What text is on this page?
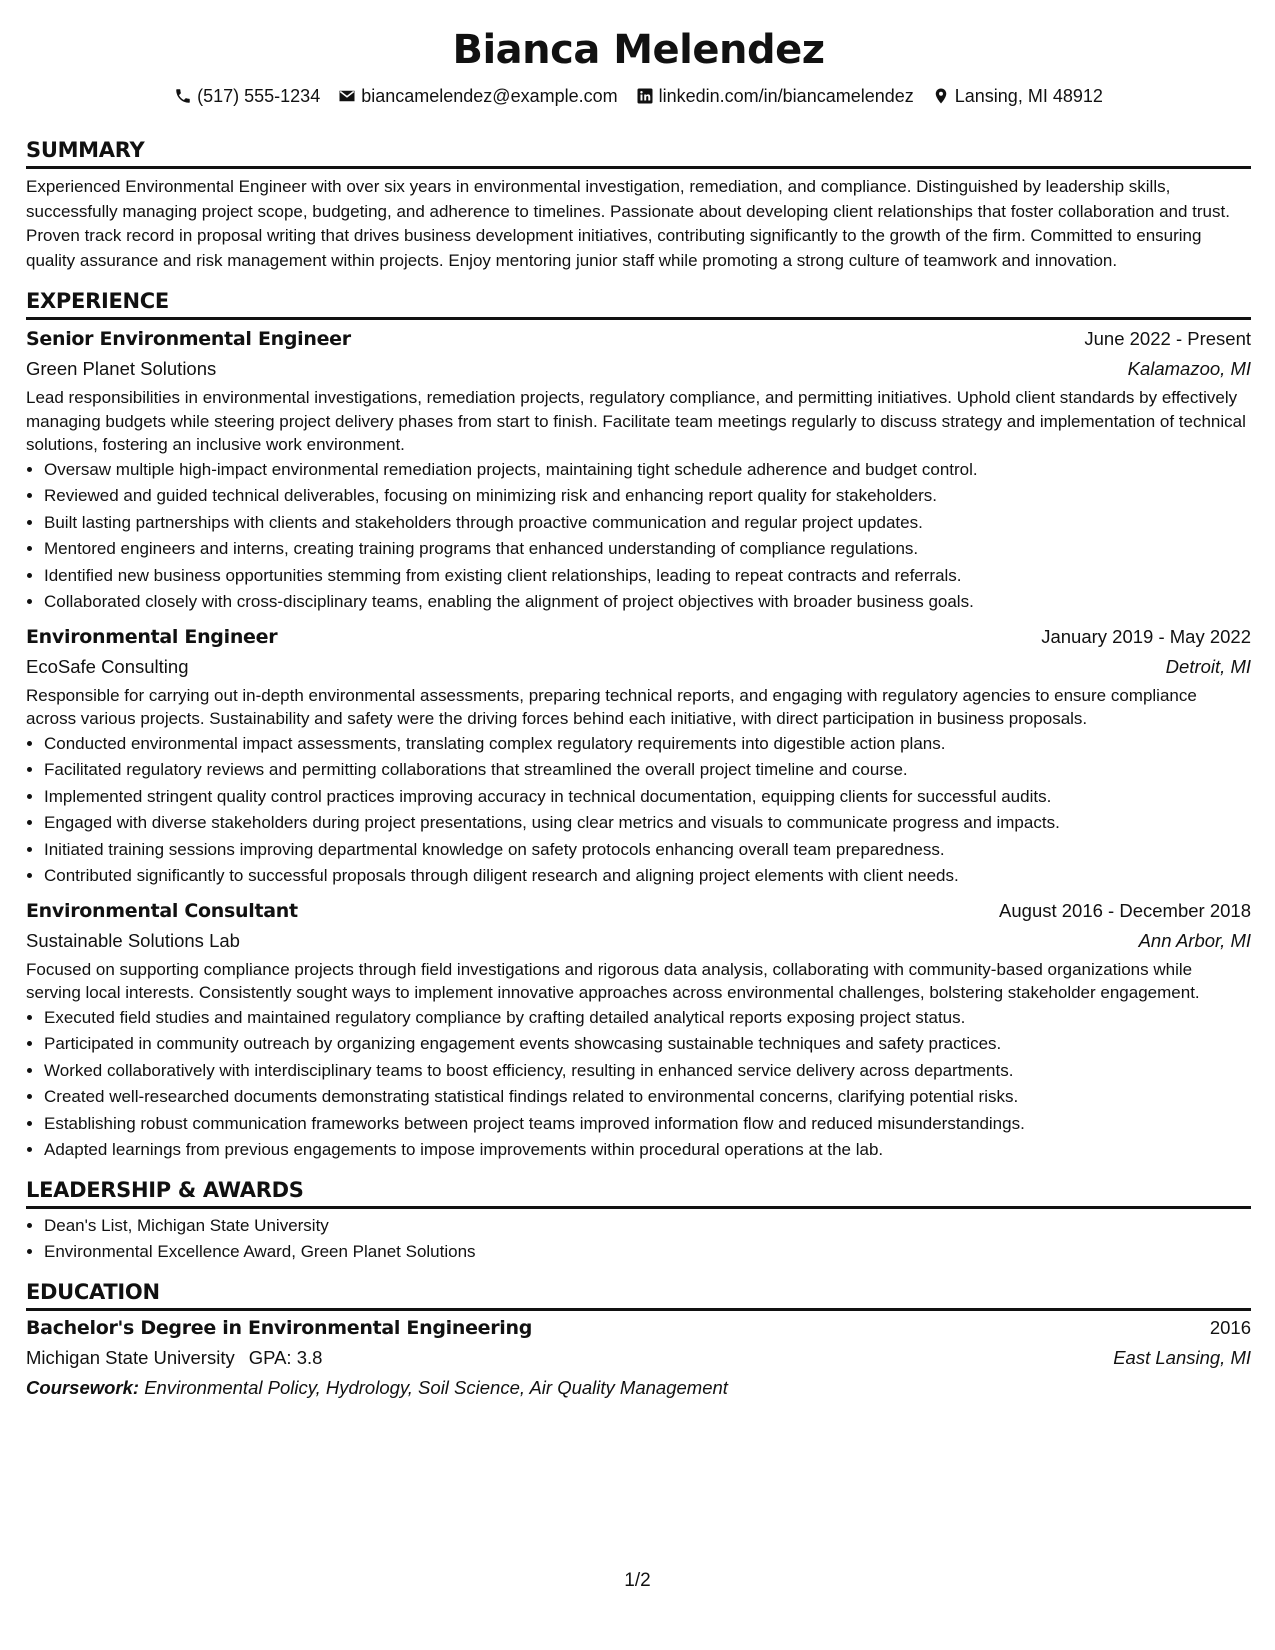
Bianca Melendez
(517) 555-1234 biancamelendez@example.com linkedin.com/in/biancamelendez Lansing, MI 48912
SUMMARY

Experienced Environmental Engineer with over six years in environmental investigation, remediation, and compliance. Distinguished by leadership skills, successfully managing project scope, budgeting, and adherence to timelines. Passionate about developing client relationships that foster collaboration and trust. Proven track record in proposal writing that drives business development initiatives, contributing significantly to the growth of the firm. Committed to ensuring quality assurance and risk management within projects. Enjoy mentoring junior staff while promoting a strong culture of teamwork and innovation.

EXPERIENCE
Senior Environmental Engineer	June 2022 - Present
Green Planet Solutions	Kalamazoo, MI

Lead responsibilities in environmental investigations, remediation projects, regulatory compliance, and permitting initiatives. Uphold client standards by effectively managing budgets while steering project delivery phases from start to finish. Facilitate team meetings regularly to discuss strategy and implementation of technical solutions, fostering an inclusive work environment.

• Oversaw multiple high-impact environmental remediation projects, maintaining tight schedule adherence and budget control.
• Reviewed and guided technical deliverables, focusing on minimizing risk and enhancing report quality for stakeholders.
• Built lasting partnerships with clients and stakeholders through proactive communication and regular project updates.
• Mentored engineers and interns, creating training programs that enhanced understanding of compliance regulations.
• Identified new business opportunities stemming from existing client relationships, leading to repeat contracts and referrals.
• Collaborated closely with cross-disciplinary teams, enabling the alignment of project objectives with broader business goals.
Environmental Engineer	January 2019 - May 2022
EcoSafe Consulting	Detroit, MI

Responsible for carrying out in-depth environmental assessments, preparing technical reports, and engaging with regulatory agencies to ensure compliance across various projects. Sustainability and safety were the driving forces behind each initiative, with direct participation in business proposals.

• Conducted environmental impact assessments, translating complex regulatory requirements into digestible action plans.
• Facilitated regulatory reviews and permitting collaborations that streamlined the overall project timeline and course.
• Implemented stringent quality control practices improving accuracy in technical documentation, equipping clients for successful audits.
• Engaged with diverse stakeholders during project presentations, using clear metrics and visuals to communicate progress and impacts.
• Initiated training sessions improving departmental knowledge on safety protocols enhancing overall team preparedness.
• Contributed significantly to successful proposals through diligent research and aligning project elements with client needs.
Environmental Consultant	August 2016 - December 2018
Sustainable Solutions Lab	Ann Arbor, MI

Focused on supporting compliance projects through field investigations and rigorous data analysis, collaborating with community-based organizations while serving local interests. Consistently sought ways to implement innovative approaches across environmental challenges, bolstering stakeholder engagement.

• Executed field studies and maintained regulatory compliance by crafting detailed analytical reports exposing project status.
• Participated in community outreach by organizing engagement events showcasing sustainable techniques and safety practices.
• Worked collaboratively with interdisciplinary teams to boost efficiency, resulting in enhanced service delivery across departments.
• Created well-researched documents demonstrating statistical findings related to environmental concerns, clarifying potential risks.
• Establishing robust communication frameworks between project teams improved information flow and reduced misunderstandings.
• Adapted learnings from previous engagements to impose improvements within procedural operations at the lab.
LEADERSHIP & AWARDS
• Dean's List, Michigan State University
• Environmental Excellence Award, Green Planet Solutions
EDUCATION
Bachelor's Degree in Environmental Engineering	2016
Michigan State University GPA: 3.8	East Lansing, MI
Coursework: Environmental Policy, Hydrology, Soil Science, Air Quality Management
1/2
